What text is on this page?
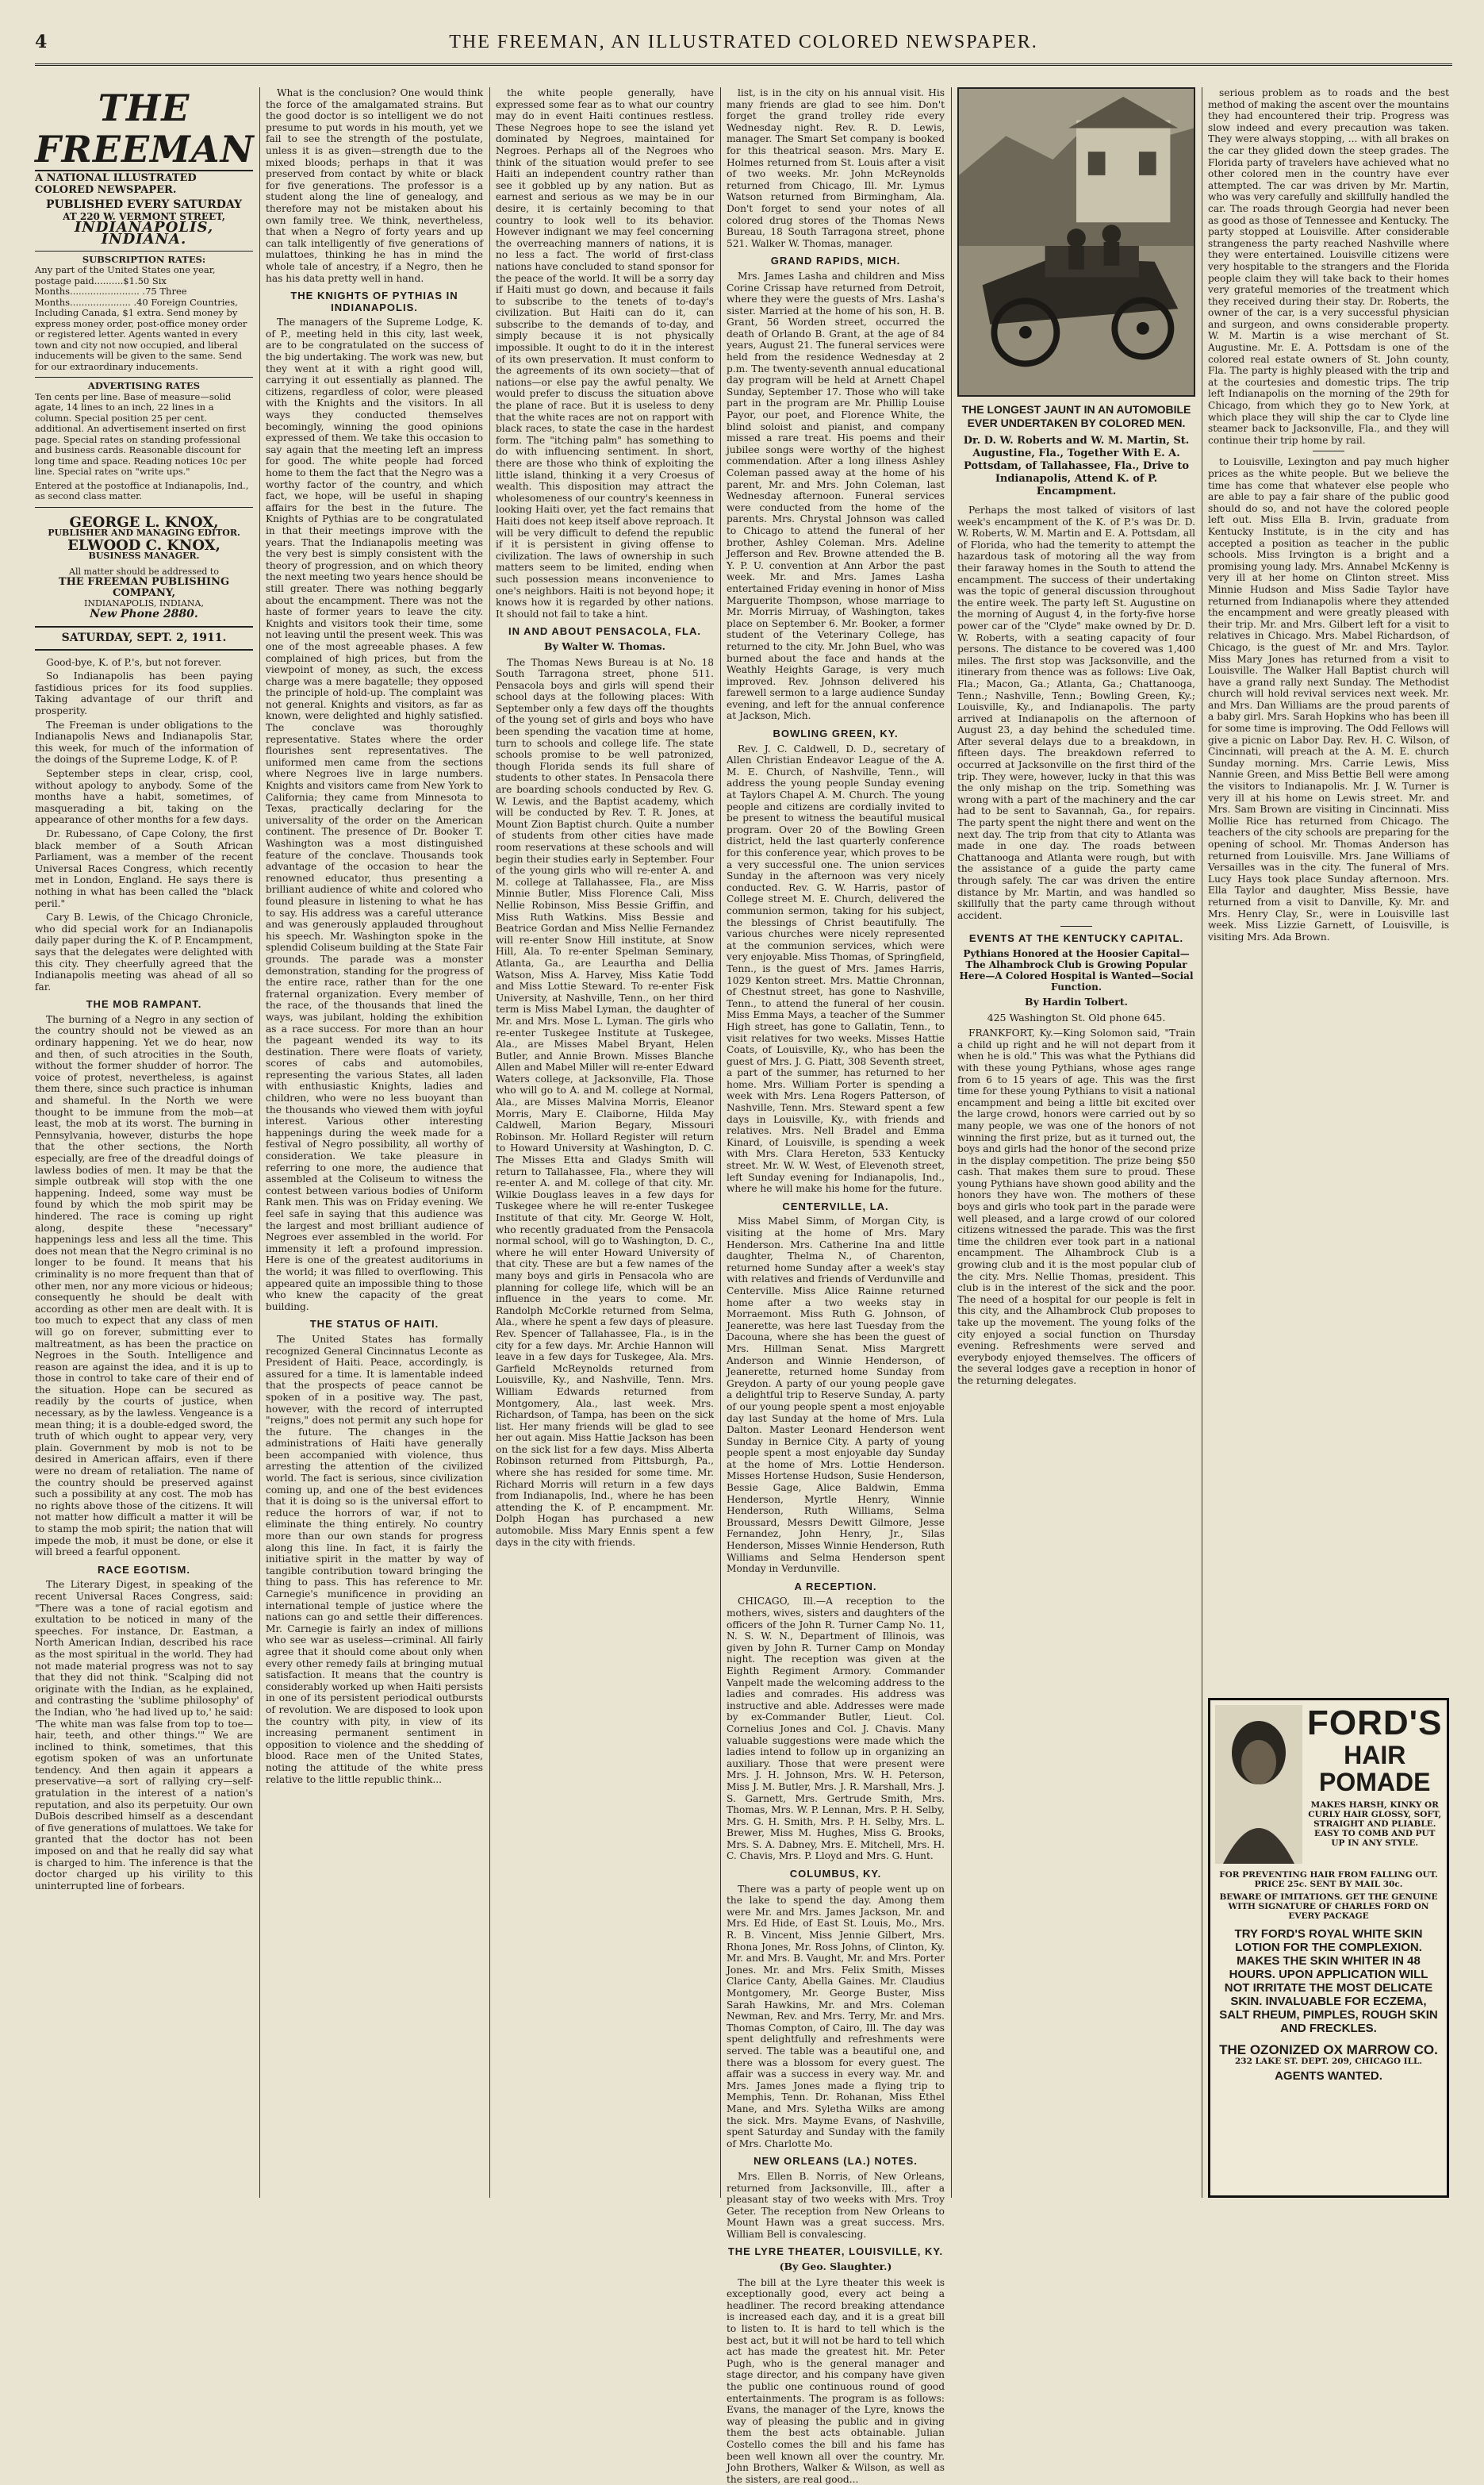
4	THE FREEMAN, AN ILLUSTRATED COLORED NEWSPAPER.
THE FREEMAN
A NATIONAL ILLUSTRATED COLORED NEWSPAPER.
PUBLISHED EVERY SATURDAY
AT 220 W. VERMONT STREET,
INDIANAPOLIS, INDIANA.
SUBSCRIPTION RATES:
Any part of the United States one year, postage paid..........$1.50 Six Months........................ .75 Three Months..................... .40 Foreign Countries, Including Canada, $1 extra. Send money by express money order, post-office money order or registered letter. Agents wanted in every town and city not now occupied, and liberal inducements will be given to the same. Send for our extraordinary inducements.
ADVERTISING RATES
Ten cents per line. Base of measure—solid agate, 14 lines to an inch, 22 lines in a column. Special position 25 per cent. additional. An advertisement inserted on first page. Special rates on standing professional and business cards. Reasonable discount for long time and space. Reading notices 10c per line. Special rates on "write ups."
Entered at the postoffice at Indianapolis, Ind., as second class matter.
GEORGE L. KNOX,
PUBLISHER AND MANAGING EDITOR.
ELWOOD C. KNOX,
BUSINESS MANAGER.
All matter should be addressed to
THE FREEMAN PUBLISHING COMPANY,
INDIANAPOLIS, INDIANA,
New Phone 2880.
SATURDAY, SEPT. 2, 1911.

Good-bye, K. of P.'s, but not forever.

So Indianapolis has been paying fastidious prices for its food supplies. Taking advantage of our thrift and prosperity.

The Freeman is under obligations to the Indianapolis News and Indianapolis Star, this week, for much of the information of the doings of the Supreme Lodge, K. of P.

September steps in clear, crisp, cool, without apology to anybody. Some of the months have a habit, sometimes, of masquerading a bit, taking on the appearance of other months for a few days.

Dr. Rubessano, of Cape Colony, the first black member of a South African Parliament, was a member of the recent Universal Races Congress, which recently met in London, England. He says there is nothing in what has been called the "black peril."

Cary B. Lewis, of the Chicago Chronicle, who did special work for an Indianapolis daily paper during the K. of P. Encampment, says that the delegates were delighted with this city. They cheerfully agreed that the Indianapolis meeting was ahead of all so far.

THE MOB RAMPANT.

The burning of a Negro in any section of the country should not be viewed as an ordinary happening. Yet we do hear, now and then, of such atrocities in the South, without the former shudder of horror. The voice of protest, nevertheless, is against them there, since such practice is inhuman and shameful. In the North we were thought to be immune from the mob—at least, the mob at its worst. The burning in Pennsylvania, however, disturbs the hope that the other sections, the North especially, are free of the dreadful doings of lawless bodies of men. It may be that the simple outbreak will stop with the one happening. Indeed, some way must be found by which the mob spirit may be hindered. The race is coming up right along, despite these "necessary" happenings less and less all the time. This does not mean that the Negro criminal is no longer to be found. It means that his criminality is no more frequent than that of other men, nor any more vicious or hideous; consequently he should be dealt with according as other men are dealt with. It is too much to expect that any class of men will go on forever, submitting ever to maltreatment, as has been the practice on Negroes in the South. Intelligence and reason are against the idea, and it is up to those in control to take care of their end of the situation. Hope can be secured as readily by the courts of justice, when necessary, as by the lawless. Vengeance is a mean thing; it is a double-edged sword, the truth of which ought to appear very, very plain. Government by mob is not to be desired in American affairs, even if there were no dream of retaliation. The name of the country should be preserved against such a possibility at any cost. The mob has no rights above those of the citizens. It will not matter how difficult a matter it will be to stamp the mob spirit; the nation that will impede the mob, it must be done, or else it will breed a fearful opponent.

RACE EGOTISM.

The Literary Digest, in speaking of the recent Universal Races Congress, said: "There was a tone of racial egotism and exultation to be noticed in many of the speeches. For instance, Dr. Eastman, a North American Indian, described his race as the most spiritual in the world. They had not made material progress was not to say that they did not think. "Scalping did not originate with the Indian, as he explained, and contrasting the 'sublime philosophy' of the Indian, who 'he had lived up to,' he said: 'The white man was false from top to toe—hair, teeth, and other things.'" We are inclined to think, sometimes, that this egotism spoken of was an unfortunate tendency. And then again it appears a preservative—a sort of rallying cry—self-gratulation in the interest of a nation's reputation, and also its perpetuity. Our own DuBois described himself as a descendant of five generations of mulattoes. We take for granted that the doctor has not been imposed on and that he really did say what is charged to him. The inference is that the doctor charged up his virility to this uninterrupted line of forbears.

What is the conclusion? One would think the force of the amalgamated strains. But the good doctor is so intelligent we do not presume to put words in his mouth, yet we fail to see the strength of the postulate, unless it is as given—strength due to the mixed bloods; perhaps in that it was preserved from contact by white or black for five generations. The professor is a student along the line of genealogy, and therefore may not be mistaken about his own family tree. We think, nevertheless, that when a Negro of forty years and up can talk intelligently of five generations of mulattoes, thinking he has in mind the whole tale of ancestry, if a Negro, then he has his data pretty well in hand.

THE KNIGHTS OF PYTHIAS IN INDIANAPOLIS.

The managers of the Supreme Lodge, K. of P., meeting held in this city, last week, are to be congratulated on the success of the big undertaking. The work was new, but they went at it with a right good will, carrying it out essentially as planned. The citizens, regardless of color, were pleased with the Knights and the visitors. In all ways they conducted themselves becomingly, winning the good opinions expressed of them. We take this occasion to say again that the meeting left an impress for good. The white people had forced home to them the fact that the Negro was a worthy factor of the country, and which fact, we hope, will be useful in shaping affairs for the best in the future. The Knights of Pythias are to be congratulated in that their meetings improve with the years. That the Indianapolis meeting was the very best is simply consistent with the theory of progression, and on which theory the next meeting two years hence should be still greater. There was nothing beggarly about the encampment. There was not the haste of former years to leave the city. Knights and visitors took their time, some not leaving until the present week. This was one of the most agreeable phases. A few complained of high prices, but from the viewpoint of money, as such, the excess charge was a mere bagatelle; they opposed the principle of hold-up. The complaint was not general. Knights and visitors, as far as known, were delighted and highly satisfied. The conclave was thoroughly representative. States where the order flourishes sent representatives. The uniformed men came from the sections where Negroes live in large numbers. Knights and visitors came from New York to California; they came from Minnesota to Texas, practically declaring for the universality of the order on the American continent. The presence of Dr. Booker T. Washington was a most distinguished feature of the conclave. Thousands took advantage of the occasion to hear the renowned educator, thus presenting a brilliant audience of white and colored who found pleasure in listening to what he has to say. His address was a careful utterance and was generously applauded throughout his speech. Mr. Washington spoke in the splendid Coliseum building at the State Fair grounds. The parade was a monster demonstration, standing for the progress of the entire race, rather than for the one fraternal organization. Every member of the race, of the thousands that lined the ways, was jubilant, holding the exhibition as a race success. For more than an hour the pageant wended its way to its destination. There were floats of variety, scores of cabs and automobiles, representing the various States, all laden with enthusiastic Knights, ladies and children, who were no less buoyant than the thousands who viewed them with joyful interest. Various other interesting happenings during the week made for a festival of Negro possibility, all worthy of consideration. We take pleasure in referring to one more, the audience that assembled at the Coliseum to witness the contest between various bodies of Uniform Rank men. This was on Friday evening. We feel safe in saying that this audience was the largest and most brilliant audience of Negroes ever assembled in the world. For immensity it left a profound impression. Here is one of the greatest auditoriums in the world; it was filled to overflowing. This appeared quite an impossible thing to those who knew the capacity of the great building.

THE STATUS OF HAITI.

The United States has formally recognized General Cincinnatus Leconte as President of Haiti. Peace, accordingly, is assured for a time. It is lamentable indeed that the prospects of peace cannot be spoken of in a positive way. The past, however, with the record of interrupted "reigns," does not permit any such hope for the future. The changes in the administrations of Haiti have generally been accompanied with violence, thus arresting the attention of the civilized world. The fact is serious, since civilization coming up, and one of the best evidences that it is doing so is the universal effort to reduce the horrors of war, if not to eliminate the thing entirely. No country more than our own stands for progress along this line. In fact, it is fairly the initiative spirit in the matter by way of tangible contribution toward bringing the thing to pass. This has reference to Mr. Carnegie's munificence in providing an international temple of justice where the nations can go and settle their differences. Mr. Carnegie is fairly an index of millions who see war as useless—criminal. All fairly agree that it should come about only when every other remedy fails at bringing mutual satisfaction. It means that the country is considerably worked up when Haiti persists in one of its persistent periodical outbursts of revolution. We are disposed to look upon the country with pity, in view of its increasing permanent sentiment in opposition to violence and the shedding of blood. Race men of the United States, noting the attitude of the white press relative to the little republic think...

the white people generally, have expressed some fear as to what our country may do in event Haiti continues restless. These Negroes hope to see the island yet dominated by Negroes, maintained for Negroes. Perhaps all of the Negroes who think of the situation would prefer to see Haiti an independent country rather than see it gobbled up by any nation. But as earnest and serious as we may be in our desire, it is certainly becoming to that country to look well to its behavior. However indignant we may feel concerning the overreaching manners of nations, it is no less a fact. The world of first-class nations have concluded to stand sponsor for the peace of the world. It will be a sorry day if Haiti must go down, and because it fails to subscribe to the tenets of to-day's civilization. But Haiti can do it, can subscribe to the demands of to-day, and simply because it is not physically impossible. It ought to do it in the interest of its own preservation. It must conform to the agreements of its own society—that of nations—or else pay the awful penalty. We would prefer to discuss the situation above the plane of race. But it is useless to deny that the white races are not on rapport with black races, to state the case in the hardest form. The "itching palm" has something to do with influencing sentiment. In short, there are those who think of exploiting the little island, thinking it a very Croesus of wealth. This disposition may attract the wholesomeness of our country's keenness in looking Haiti over, yet the fact remains that Haiti does not keep itself above reproach. It will be very difficult to defend the republic if it is persistent in giving offense to civilization. The laws of ownership in such matters seem to be limited, ending when such possession means inconvenience to one's neighbors. Haiti is not beyond hope; it knows how it is regarded by other nations. It should not fail to take a hint.

IN AND ABOUT PENSACOLA, FLA.
By Walter W. Thomas.

The Thomas News Bureau is at No. 18 South Tarragona street, phone 511. Pensacola boys and girls will spend their school days at the following places: With September only a few days off the thoughts of the young set of girls and boys who have been spending the vacation time at home, turn to schools and college life. The state schools promise to be well patronized, though Florida sends its full share of students to other states. In Pensacola there are boarding schools conducted by Rev. G. W. Lewis, and the Baptist academy, which will be conducted by Rev. T. R. Jones, at Mount Zion Baptist church. Quite a number of students from other cities have made room reservations at these schools and will begin their studies early in September. Four of the young girls who will re-enter A. and M. college at Tallahassee, Fla., are Miss Minnie Butler, Miss Florence Cali, Miss Nellie Robinson, Miss Bessie Griffin, and Miss Ruth Watkins. Miss Bessie and Beatrice Gordan and Miss Nellie Fernandez will re-enter Snow Hill institute, at Snow Hill, Ala. To re-enter Spelman Seminary, Atlanta, Ga., are Leaurtha and Dellia Watson, Miss A. Harvey, Miss Katie Todd and Miss Lottie Steward. To re-enter Fisk University, at Nashville, Tenn., on her third term is Miss Mabel Lyman, the daughter of Mr. and Mrs. Mose L. Lyman. The girls who re-enter Tuskegee Institute at Tuskegee, Ala., are Misses Mabel Bryant, Helen Butler, and Annie Brown. Misses Blanche Allen and Mabel Miller will re-enter Edward Waters college, at Jacksonville, Fla. Those who will go to A. and M. college at Normal, Ala., are Misses Malvina Morris, Eleanor Morris, Mary E. Claiborne, Hilda May Caldwell, Marion Begary, Missouri Robinson. Mr. Hollard Register will return to Howard University at Washington, D. C. The Misses Etta and Gladys Smith will return to Tallahassee, Fla., where they will re-enter A. and M. college of that city. Mr. Wilkie Douglass leaves in a few days for Tuskegee where he will re-enter Tuskegee Institute of that city. Mr. George W. Holt, who recently graduated from the Pensacola normal school, will go to Washington, D. C., where he will enter Howard University of that city. These are but a few names of the many boys and girls in Pensacola who are planning for college life, which will be an influence in the years to come. Mr. Randolph McCorkle returned from Selma, Ala., where he spent a few days of pleasure. Rev. Spencer of Tallahassee, Fla., is in the city for a few days. Mr. Archie Hannon will leave in a few days for Tuskegee, Ala. Mrs. Garfield McReynolds returned from Louisville, Ky., and Nashville, Tenn. Mrs. William Edwards returned from Montgomery, Ala., last week. Mrs. Richardson, of Tampa, has been on the sick list. Her many friends will be glad to see her out again. Miss Hattie Jackson has been on the sick list for a few days. Miss Alberta Robinson returned from Pittsburgh, Pa., where she has resided for some time. Mr. Richard Morris will return in a few days from Indianapolis, Ind., where he has been attending the K. of P. encampment. Mr. Dolph Hogan has purchased a new automobile. Miss Mary Ennis spent a few days in the city with friends.

list, is in the city on his annual visit. His many friends are glad to see him. Don't forget the grand trolley ride every Wednesday night. Rev. R. D. Lewis, manager. The Smart Set company is booked for this theatrical season. Mrs. Mary E. Holmes returned from St. Louis after a visit of two weeks. Mr. John McReynolds returned from Chicago, Ill. Mr. Lymus Watson returned from Birmingham, Ala. Don't forget to send your notes of all colored drug stores of the Thomas News Bureau, 18 South Tarragona street, phone 521. Walker W. Thomas, manager.

GRAND RAPIDS, MICH.

Mrs. James Lasha and children and Miss Corine Crissap have returned from Detroit, where they were the guests of Mrs. Lasha's sister. Married at the home of his son, H. B. Grant, 56 Worden street, occurred the death of Orlando B. Grant, at the age of 84 years, August 21. The funeral services were held from the residence Wednesday at 2 p.m. The twenty-seventh annual educational day program will be held at Arnett Chapel Sunday, September 17. Those who will take part in the program are Mr. Phillip Louise Payor, our poet, and Florence White, the blind soloist and pianist, and company missed a rare treat. His poems and their jubilee songs were worthy of the highest commendation. After a long illness Ashley Coleman passed away at the home of his parent, Mr. and Mrs. John Coleman, last Wednesday afternoon. Funeral services were conducted from the home of the parents. Mrs. Chrystal Johnson was called to Chicago to attend the funeral of her brother, Ashley Coleman. Mrs. Adeline Jefferson and Rev. Browne attended the B. Y. P. U. convention at Ann Arbor the past week. Mr. and Mrs. James Lasha entertained Friday evening in honor of Miss Marguerite Thompson, whose marriage to Mr. Morris Mirruay, of Washington, takes place on September 6. Mr. Booker, a former student of the Veterinary College, has returned to the city. Mr. John Buel, who was burned about the face and hands at the Weathly Heights Garage, is very much improved. Rev. Johnson delivered his farewell sermon to a large audience Sunday evening, and left for the annual conference at Jackson, Mich.

BOWLING GREEN, KY.

Rev. J. C. Caldwell, D. D., secretary of Allen Christian Endeavor League of the A. M. E. Church, of Nashville, Tenn., will address the young people Sunday evening at Taylors Chapel A. M. Church. The young people and citizens are cordially invited to be present to witness the beautiful musical program. Over 20 of the Bowling Green district, held the last quarterly conference for this conference year, which proves to be a very successful one. The union services Sunday in the afternoon was very nicely conducted. Rev. G. W. Harris, pastor of College street M. E. Church, delivered the communion sermon, taking for his subject, the blessings of Christ beautifully. The various churches were nicely represented at the communion services, which were very enjoyable. Miss Thomas, of Springfield, Tenn., is the guest of Mrs. James Harris, 1029 Kenton street. Mrs. Mattie Chronnan, of Chestnut street, has gone to Nashville, Tenn., to attend the funeral of her cousin. Miss Emma Mays, a teacher of the Summer High street, has gone to Gallatin, Tenn., to visit relatives for two weeks. Misses Hattie Coats, of Louisville, Ky., who has been the guest of Mrs. J. G. Piatt, 308 Seventh street, a part of the summer, has returned to her home. Mrs. William Porter is spending a week with Mrs. Lena Rogers Patterson, of Nashville, Tenn. Mrs. Steward spent a few days in Louisville, Ky., with friends and relatives. Mrs. Nell Bradel and Emma Kinard, of Louisville, is spending a week with Mrs. Clara Hereton, 533 Kentucky street. Mr. W. W. West, of Elevenoth street, left Sunday evening for Indianapolis, Ind., where he will make his home for the future.

CENTERVILLE, LA.

Miss Mabel Simm, of Morgan City, is visiting at the home of Mrs. Mary Henderson. Mrs. Catherine Ina and little daughter, Thelma N., of Charenton, returned home Sunday after a week's stay with relatives and friends of Verdunville and Centerville. Miss Alice Rainne returned home after a two weeks stay in Morraemont. Miss Ruth G. Johnson, of Jeanerette, was here last Tuesday from the Dacouna, where she has been the guest of Mrs. Hillman Senat. Miss Margrett Anderson and Winnie Henderson, of Jeanerette, returned home Sunday from Greydon. A party of our young people gave a delightful trip to Reserve Sunday, A. party of our young people spent a most enjoyable day last Sunday at the home of Mrs. Lula Dalton. Master Leonard Henderson went Sunday in Bernice City. A party of young people spent a most enjoyable day Sunday at the home of Mrs. Lottie Henderson. Misses Hortense Hudson, Susie Henderson, Bessie Gage, Alice Baldwin, Emma Henderson, Myrtle Henry, Winnie Henderson, Ruth Williams, Selma Broussard, Messrs Dewitt Gilmore, Jesse Fernandez, John Henry, Jr., Silas Henderson, Misses Winnie Henderson, Ruth Williams and Selma Henderson spent Monday in Verdunville.

A RECEPTION.

CHICAGO, Ill.—A reception to the mothers, wives, sisters and daughters of the officers of the John R. Turner Camp No. 11, N. S. W. N., Department of Illinois, was given by John R. Turner Camp on Monday night. The reception was given at the Eighth Regiment Armory. Commander Vanpelt made the welcoming address to the ladies and comrades. His address was instructive and able. Addresses were made by ex-Commander Butler, Lieut. Col. Cornelius Jones and Col. J. Chavis. Many valuable suggestions were made which the ladies intend to follow up in organizing an auxiliary. Those that were present were Mrs. J. H. Johnson, Mrs. W. H. Peterson, Miss J. M. Butler, Mrs. J. R. Marshall, Mrs. J. S. Garnett, Mrs. Gertrude Smith, Mrs. Thomas, Mrs. W. P. Lennan, Mrs. P. H. Selby, Mrs. G. H. Smith, Mrs. P. H. Selby, Mrs. L. Brewer, Miss M. Hughes, Miss G. Brooks, Mrs. S. A. Dabney, Mrs. E. Mitchell, Mrs. H. C. Chavis, Mrs. P. Lloyd and Mrs. G. Hunt.

COLUMBUS, KY.

There was a party of people went up on the lake to spend the day. Among them were Mr. and Mrs. James Jackson, Mr. and Mrs. Ed Hide, of East St. Louis, Mo., Mrs. R. B. Vincent, Miss Jennie Gilbert, Mrs. Rhona Jones, Mr. Ross Johns, of Clinton, Ky. Mr. and Mrs. B. Vaught, Mr. and Mrs. Porter Jones. Mr. and Mrs. Felix Smith, Misses Clarice Canty, Abella Gaines. Mr. Claudius Montgomery, Mr. George Buster, Miss Sarah Hawkins, Mr. and Mrs. Coleman Newman, Rev. and Mrs. Terry, Mr. and Mrs. Thomas Compton, of Cairo, Ill. The day was spent delightfully and refreshments were served. The table was a beautiful one, and there was a blossom for every guest. The affair was a success in every way. Mr. and Mrs. James Jones made a flying trip to Memphis, Tenn. Dr. Rohanan, Miss Ethel Mane, and Mrs. Syletha Wilks are among the sick. Mrs. Mayme Evans, of Nashville, spent Saturday and Sunday with the family of Mrs. Charlotte Mo.

NEW ORLEANS (LA.) NOTES.

Mrs. Ellen B. Norris, of New Orleans, returned from Jacksonville, Ill., after a pleasant stay of two weeks with Mrs. Troy Geter. The reception from New Orleans to Mount Hawn was a great success. Mrs. William Bell is convalescing.

THE LYRE THEATER, LOUISVILLE, KY.
(By Geo. Slaughter.)

The bill at the Lyre theater this week is exceptionally good, every act being a headliner. The record breaking attendance is increased each day, and it is a great bill to listen to. It is hard to tell which is the best act, but it will not be hard to tell which act has made the greatest hit. Mr. Peter Pugh, who is the general manager and stage director, and his company have given the public one continuous round of good entertainments. The program is as follows: Evans, the manager of the Lyre, knows the way of pleasing the public and in giving them the best acts obtainable. Julian Costello comes the bill and his fame has been well known all over the country. Mr. John Brothers, Walker & Wilson, as well as the sisters, are real good...

THE LONGEST JAUNT IN AN AUTOMOBILE EVER UNDERTAKEN BY COLORED MEN.
Dr. D. W. Roberts and W. M. Martin, St. Augustine, Fla., Together With E. A. Pottsdam, of Tallahassee, Fla., Drive to Indianapolis, Attend K. of P. Encampment.

Perhaps the most talked of visitors of last week's encampment of the K. of P.'s was Dr. D. W. Roberts, W. M. Martin and E. A. Pottsdam, all of Florida, who had the temerity to attempt the hazardous task of motoring all the way from their faraway homes in the South to attend the encampment. The success of their undertaking was the topic of general discussion throughout the entire week. The party left St. Augustine on the morning of August 4, in the forty-five horse power car of the "Clyde" make owned by Dr. D. W. Roberts, with a seating capacity of four persons. The distance to be covered was 1,400 miles. The first stop was Jacksonville, and the itinerary from thence was as follows: Live Oak, Fla.; Macon, Ga.; Atlanta, Ga.; Chattanooga, Tenn.; Nashville, Tenn.; Bowling Green, Ky.; Louisville, Ky., and Indianapolis. The party arrived at Indianapolis on the afternoon of August 23, a day behind the scheduled time. After several delays due to a breakdown, in fifteen days. The breakdown referred to occurred at Jacksonville on the first third of the trip. They were, however, lucky in that this was the only mishap on the trip. Something was wrong with a part of the machinery and the car had to be sent to Savannah, Ga., for repairs. The party spent the night there and went on the next day. The trip from that city to Atlanta was made in one day. The roads between Chattanooga and Atlanta were rough, but with the assistance of a guide the party came through safely. The car was driven the entire distance by Mr. Martin, and was handled so skillfully that the party came through without accident.

EVENTS AT THE KENTUCKY CAPITAL.
Pythians Honored at the Hoosier Capital—The Alhambrock Club is Growing Popular Here—A Colored Hospital is Wanted—Social Function.
By Hardin Tolbert.
425 Washington St. Old phone 645.

FRANKFORT, Ky.—King Solomon said, "Train a child up right and he will not depart from it when he is old." This was what the Pythians did with these young Pythians, whose ages range from 6 to 15 years of age. This was the first time for these young Pythians to visit a national encampment and being a little bit excited over the large crowd, honors were carried out by so many people, we was one of the honors of not winning the first prize, but as it turned out, the boys and girls had the honor of the second prize in the display competition. The prize being $50 cash. That makes them sure to proud. These young Pythians have shown good ability and the honors they have won. The mothers of these boys and girls who took part in the parade were well pleased, and a large crowd of our colored citizens witnessed the parade. This was the first time the children ever took part in a national encampment. The Alhambrock Club is a growing club and it is the most popular club of the city. Mrs. Nellie Thomas, president. This club is in the interest of the sick and the poor. The need of a hospital for our people is felt in this city, and the Alhambrock Club proposes to take up the movement. The young folks of the city enjoyed a social function on Thursday evening. Refreshments were served and everybody enjoyed themselves. The officers of the several lodges gave a reception in honor of the returning delegates.

serious problem as to roads and the best method of making the ascent over the mountains they had encountered their trip. Progress was slow indeed and every precaution was taken. They were always stopping, ... with all brakes on the car they glided down the steep grades. The Florida party of travelers have achieved what no other colored men in the country have ever attempted. The car was driven by Mr. Martin, who was very carefully and skillfully handled the car. The roads through Georgia had never been as good as those of Tennessee and Kentucky. The party stopped at Louisville. After considerable strangeness the party reached Nashville where they were entertained. Louisville citizens were very hospitable to the strangers and the Florida people claim they will take back to their homes very grateful memories of the treatment which they received during their stay. Dr. Roberts, the owner of the car, is a very successful physician and surgeon, and owns considerable property. W. M. Martin is a wise merchant of St. Augustine. Mr. E. A. Pottsdam is one of the colored real estate owners of St. John county, Fla. The party is highly pleased with the trip and at the courtesies and domestic trips. The trip left Indianapolis on the morning of the 29th for Chicago, from which they go to New York, at which place they will ship the car to Clyde line steamer back to Jacksonville, Fla., and they will continue their trip home by rail.

to Louisville, Lexington and pay much higher prices as the white people. But we believe the time has come that whatever else people who are able to pay a fair share of the public good should do so, and not have the colored people left out. Miss Ella B. Irvin, graduate from Kentucky Institute, is in the city and has accepted a position as teacher in the public schools. Miss Irvington is a bright and a promising young lady. Mrs. Annabel McKenny is very ill at her home on Clinton street. Miss Minnie Hudson and Miss Sadie Taylor have returned from Indianapolis where they attended the encampment and were greatly pleased with their trip. Mr. and Mrs. Gilbert left for a visit to relatives in Chicago. Mrs. Mabel Richardson, of Chicago, is the guest of Mr. and Mrs. Taylor. Miss Mary Jones has returned from a visit to Louisville. The Walker Hall Baptist church will have a grand rally next Sunday. The Methodist church will hold revival services next week. Mr. and Mrs. Dan Williams are the proud parents of a baby girl. Mrs. Sarah Hopkins who has been ill for some time is improving. The Odd Fellows will give a picnic on Labor Day. Rev. H. C. Wilson, of Cincinnati, will preach at the A. M. E. church Sunday morning. Mrs. Carrie Lewis, Miss Nannie Green, and Miss Bettie Bell were among the visitors to Indianapolis. Mr. J. W. Turner is very ill at his home on Lewis street. Mr. and Mrs. Sam Brown are visiting in Cincinnati. Miss Mollie Rice has returned from Chicago. The teachers of the city schools are preparing for the opening of school. Mr. Thomas Anderson has returned from Louisville. Mrs. Jane Williams of Versailles was in the city. The funeral of Mrs. Lucy Hays took place Sunday afternoon. Mrs. Ella Taylor and daughter, Miss Bessie, have returned from a visit to Danville, Ky. Mr. and Mrs. Henry Clay, Sr., were in Louisville last week. Miss Lizzie Garnett, of Louisville, is visiting Mrs. Ada Brown.

FORD'S
HAIR POMADE
MAKES HARSH, KINKY OR CURLY HAIR GLOSSY, SOFT, STRAIGHT AND PLIABLE. EASY TO COMB AND PUT UP IN ANY STYLE.
FOR PREVENTING HAIR FROM FALLING OUT. PRICE 25c. SENT BY MAIL 30c.
BEWARE OF IMITATIONS. GET THE GENUINE WITH SIGNATURE OF CHARLES FORD ON EVERY PACKAGE
TRY FORD'S ROYAL WHITE SKIN LOTION FOR THE COMPLEXION. MAKES THE SKIN WHITER IN 48 HOURS. UPON APPLICATION WILL NOT IRRITATE THE MOST DELICATE SKIN. INVALUABLE FOR ECZEMA, SALT RHEUM, PIMPLES, ROUGH SKIN AND FRECKLES.
THE OZONIZED OX MARROW CO.
232 LAKE ST. DEPT. 209, CHICAGO ILL.
AGENTS WANTED.
